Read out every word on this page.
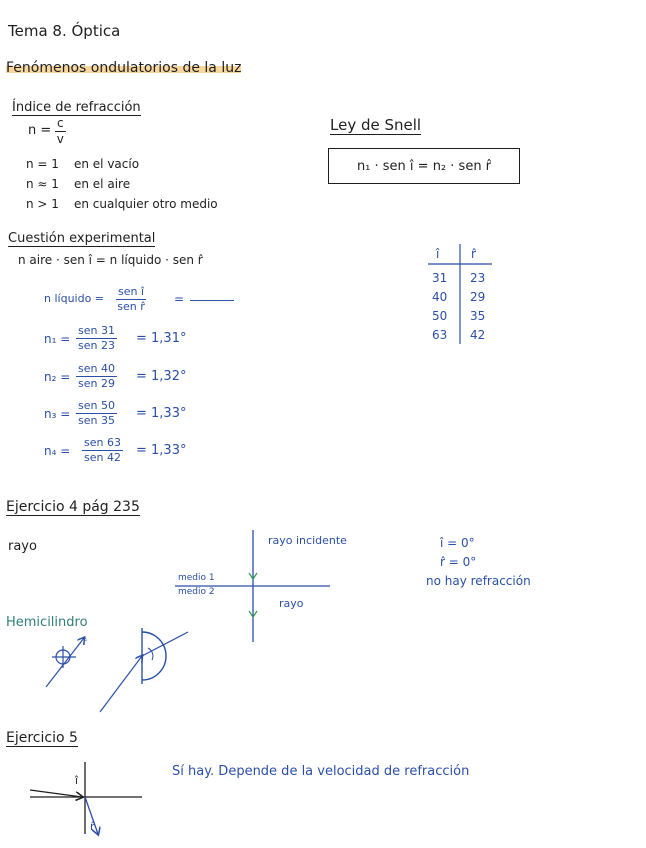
Tema 8. Óptica
Fenómenos ondulatorios de la luz
Índice de refracción
$n = \frac{c}{v}$
n = 1 en el vacío
n ≈ 1 en el aire
n > 1 en cualquier otro medio
Ley de Snell
n₁ · sen î = n₂ · sen r̂
Cuestión experimental
n aire · sen î = n líquido · sen r̂
n líquido =
sen î
sen r̂
=
n₁ =
sen 31
sen 23 = 1,31°
n₂ =
sen 40
sen 29 = 1,32°
n₃ =
sen 50
sen 35 = 1,33°
n₄ =
sen 63
sen 42 = 1,33°
î	r̂
31 23
40 29
50 35
63 42
Ejercicio 4 pág 235
rayo	rayo incidente
medio 1
medio 2
rayo
î = 0°
r̂ = 0°
no hay refracción
Hemicilindro
r̂
Ejercicio 5
Sí hay. Depende de la velocidad de refracción
î
r̂
